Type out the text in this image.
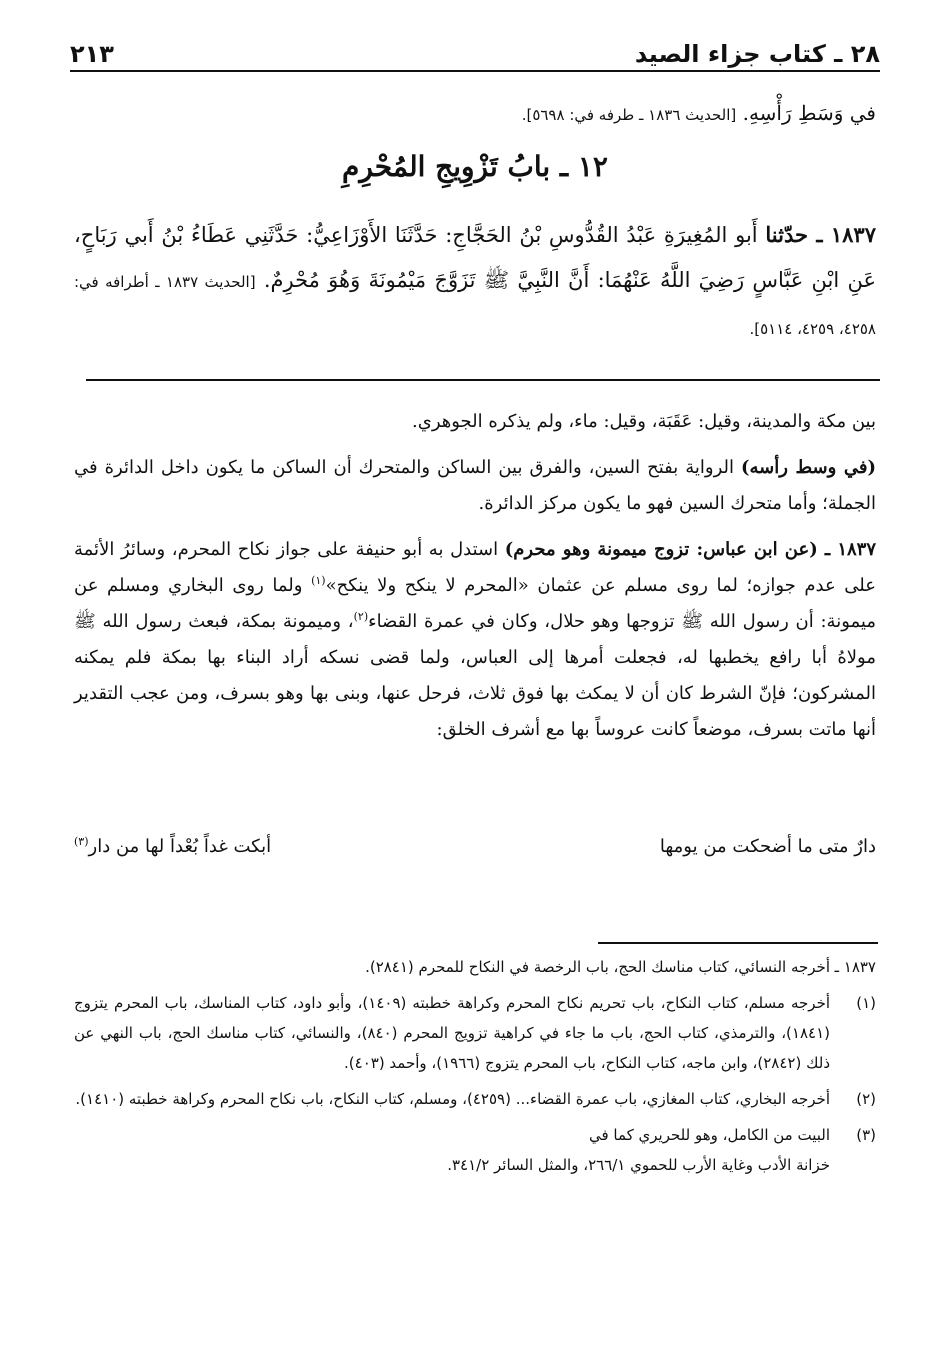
٢٨ ـ كتاب جزاء الصيد
٢١٣
في وَسَطِ رَأْسِهِ. [الحديث ١٨٣٦ ـ طرفه في: ٥٦٩٨].
١٢ ـ بابُ تَزْوِيجِ المُحْرِمِ
١٨٣٧ ـ حدّثنا أَبو المُغِيرَةِ عَبْدُ القُدُّوسِ بْنُ الحَجَّاجِ: حَدَّثَنَا الأَوْزَاعِيُّ: حَدَّثَنِي عَطَاءُ بْنُ أَبي رَبَاحٍ، عَنِ ابْنِ عَبَّاسٍ رَضِيَ اللَّهُ عَنْهُمَا: أَنَّ النَّبِيَّ ﷺ تَزَوَّجَ مَيْمُونَةَ وَهُوَ مُحْرِمٌ. [الحديث ١٨٣٧ ـ أطرافه في: ٤٢٥٨، ٤٢٥٩، ٥١١٤].

بين مكة والمدينة، وقيل: عَقَبَة، وقيل: ماء، ولم يذكره الجوهري.

(في وسط رأسه) الرواية بفتح السين، والفرق بين الساكن والمتحرك أن الساكن ما يكون داخل الدائرة في الجملة؛ وأما متحرك السين فهو ما يكون مركز الدائرة.

١٨٣٧ ـ (عن ابن عباس: تزوج ميمونة وهو محرم) استدل به أبو حنيفة على جواز نكاح المحرم، وسائرُ الأئمة على عدم جوازه؛ لما روى مسلم عن عثمان «المحرم لا ينكح ولا ينكح»$^{(١)}$ ولما روى البخاري ومسلم عن ميمونة: أن رسول الله ﷺ تزوجها وهو حلال، وكان في عمرة القضاء$^{(٢)}$، وميمونة بمكة، فبعث رسول الله ﷺ مولاهُ أبا رافع يخطبها له، فجعلت أمرها إلى العباس، ولما قضى نسكه أراد البناء بها بمكة فلم يمكنه المشركون؛ فإنّ الشرط كان أن لا يمكث بها فوق ثلاث، فرحل عنها، وبنى بها وهو بسرف، ومن عجب التقدير أنها ماتت بسرف، موضعاً كانت عروساً بها مع أشرف الخلق:

دارٌ متى ما أضحكت من يومها
أبكت غداً بُعْداً لها من دار$^{(٣)}$
١٨٣٧ ـ
أخرجه النسائي، كتاب مناسك الحج، باب الرخصة في النكاح للمحرم (٢٨٤١).
(١)
أخرجه مسلم، كتاب النكاح، باب تحريم نكاح المحرم وكراهة خطبته (١٤٠٩)، وأبو داود، كتاب المناسك، باب المحرم يتزوج (١٨٤١)، والترمذي، كتاب الحج، باب ما جاء في كراهية تزويج المحرم (٨٤٠)، والنسائي، كتاب مناسك الحج، باب النهي عن ذلك (٢٨٤٢)، وابن ماجه، كتاب النكاح، باب المحرم يتزوج (١٩٦٦)، وأحمد (٤٠٣).
(٢)
أخرجه البخاري، كتاب المغازي، باب عمرة القضاء... (٤٢٥٩)، ومسلم، كتاب النكاح، باب نكاح المحرم وكراهة خطبته (١٤١٠).
(٣)
البيت من الكامل، وهو للحريري كما في
خزانة الأدب وغاية الأرب للحموي ٢٦٦/١، والمثل السائر ٣٤١/٢.
